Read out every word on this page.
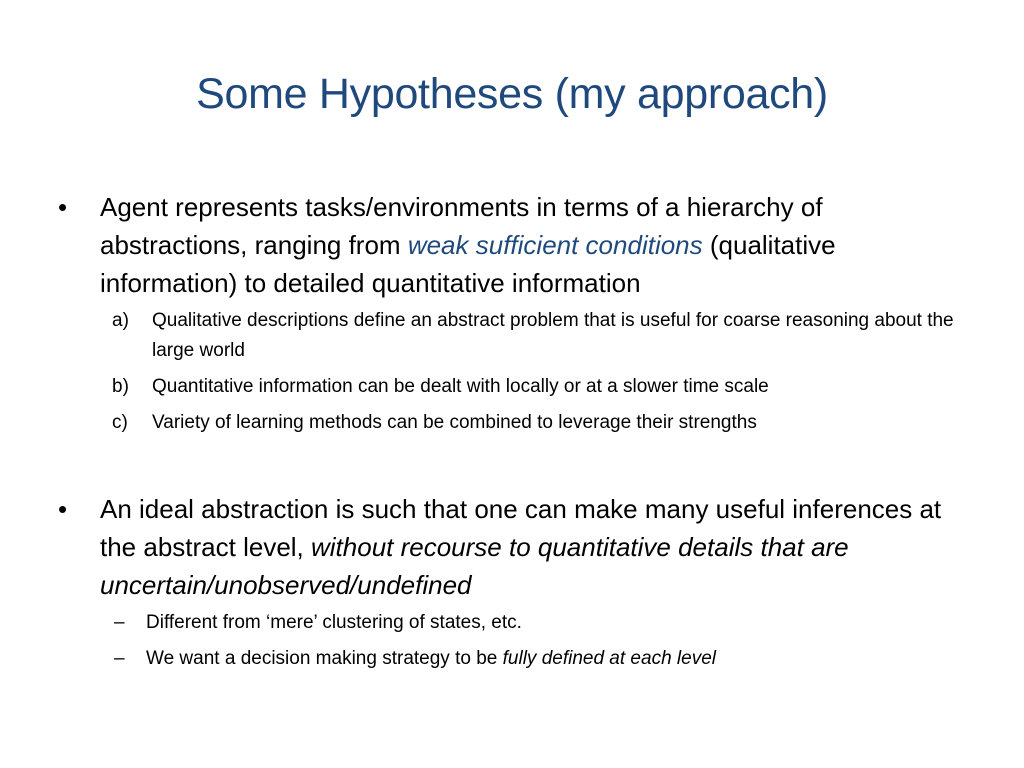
Some Hypotheses (my approach)
•	Agent represents tasks/environments in terms of a hierarchy of abstractions, ranging from weak sufficient conditions (qualitative information) to detailed quantitative information
a)	Qualitative descriptions define an abstract problem that is useful for coarse reasoning about the large world
b)	Quantitative information can be dealt with locally or at a slower time scale
c)	Variety of learning methods can be combined to leverage their strengths
•	An ideal abstraction is such that one can make many useful inferences at the abstract level, without recourse to quantitative details that are uncertain/unobserved/undefined
–	Different from ‘mere’ clustering of states, etc.
–	We want a decision making strategy to be fully defined at each level
